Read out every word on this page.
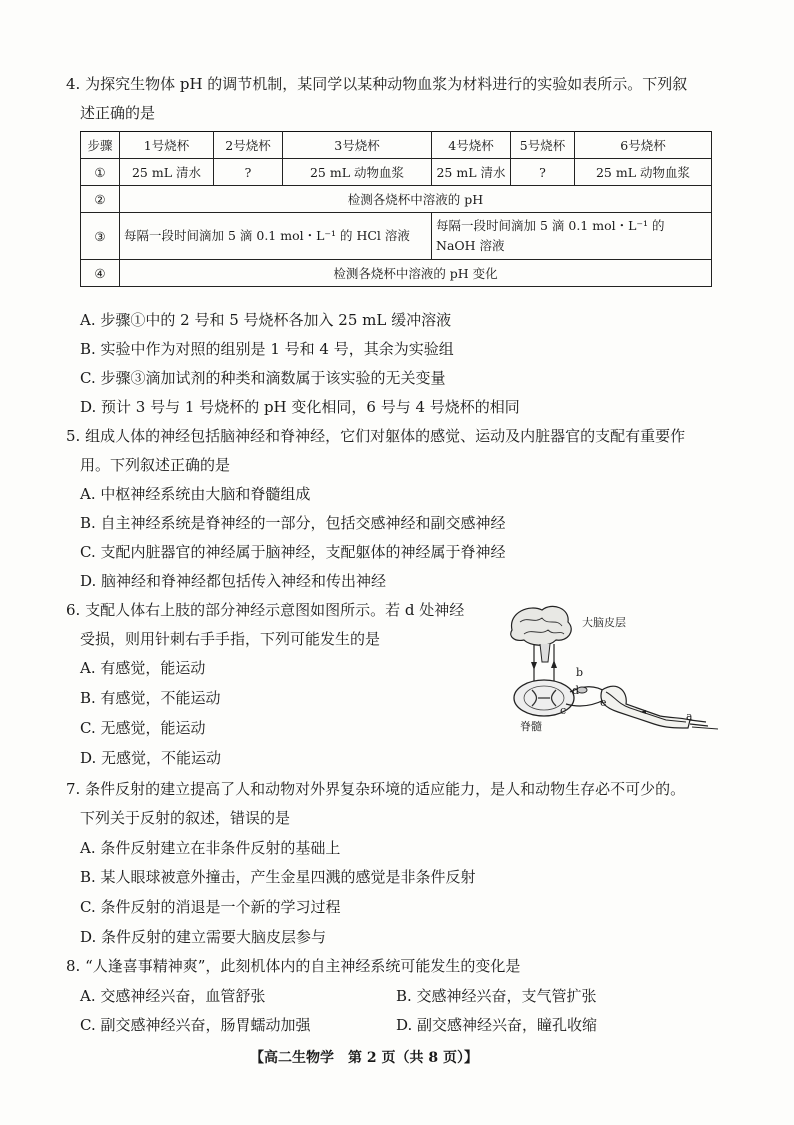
4. 为探究生物体 pH 的调节机制，某同学以某种动物血浆为材料进行的实验如表所示。下列叙
述正确的是
步骤	1号烧杯	2号烧杯	3号烧杯	4号烧杯	5号烧杯	6号烧杯
①	25 mL 清水	?	25 mL 动物血浆	25 mL 清水	?	25 mL 动物血浆
②	检测各烧杯中溶液的 pH					
③	每隔一段时间滴加 5 滴 0.1 mol・L⁻¹ 的 HCl 溶液			每隔一段时间滴加 5 滴 0.1 mol・L⁻¹ 的 NaOH 溶液		
④	检测各烧杯中溶液的 pH 变化					
A. 步骤①中的 2 号和 5 号烧杯各加入 25 mL 缓冲溶液
B. 实验中作为对照的组别是 1 号和 4 号，其余为实验组
C. 步骤③滴加试剂的种类和滴数属于该实验的无关变量
D. 预计 3 号与 1 号烧杯的 pH 变化相同，6 号与 4 号烧杯的相同
5. 组成人体的神经包括脑神经和脊神经，它们对躯体的感觉、运动及内脏器官的支配有重要作
用。下列叙述正确的是
A. 中枢神经系统由大脑和脊髓组成
B. 自主神经系统是脊神经的一部分，包括交感神经和副交感神经
C. 支配内脏器官的神经属于脑神经，支配躯体的神经属于脊神经
D. 脑神经和脊神经都包括传入神经和传出神经
6. 支配人体右上肢的部分神经示意图如图所示。若 d 处神经
受损，则用针刺右手手指，下列可能发生的是
A. 有感觉，能运动
B. 有感觉，不能运动
C. 无感觉，能运动
D. 无感觉，不能运动
大脑皮层
脊髓
a
b
c
d
e
7. 条件反射的建立提高了人和动物对外界复杂环境的适应能力，是人和动物生存必不可少的。
下列关于反射的叙述，错误的是
A. 条件反射建立在非条件反射的基础上
B. 某人眼球被意外撞击，产生金星四溅的感觉是非条件反射
C. 条件反射的消退是一个新的学习过程
D. 条件反射的建立需要大脑皮层参与
8. “人逢喜事精神爽”，此刻机体内的自主神经系统可能发生的变化是
A. 交感神经兴奋，血管舒张	B. 交感神经兴奋，支气管扩张
C. 副交感神经兴奋，肠胃蠕动加强	D. 副交感神经兴奋，瞳孔收缩
【高二生物学　第 2 页（共 8 页）】
